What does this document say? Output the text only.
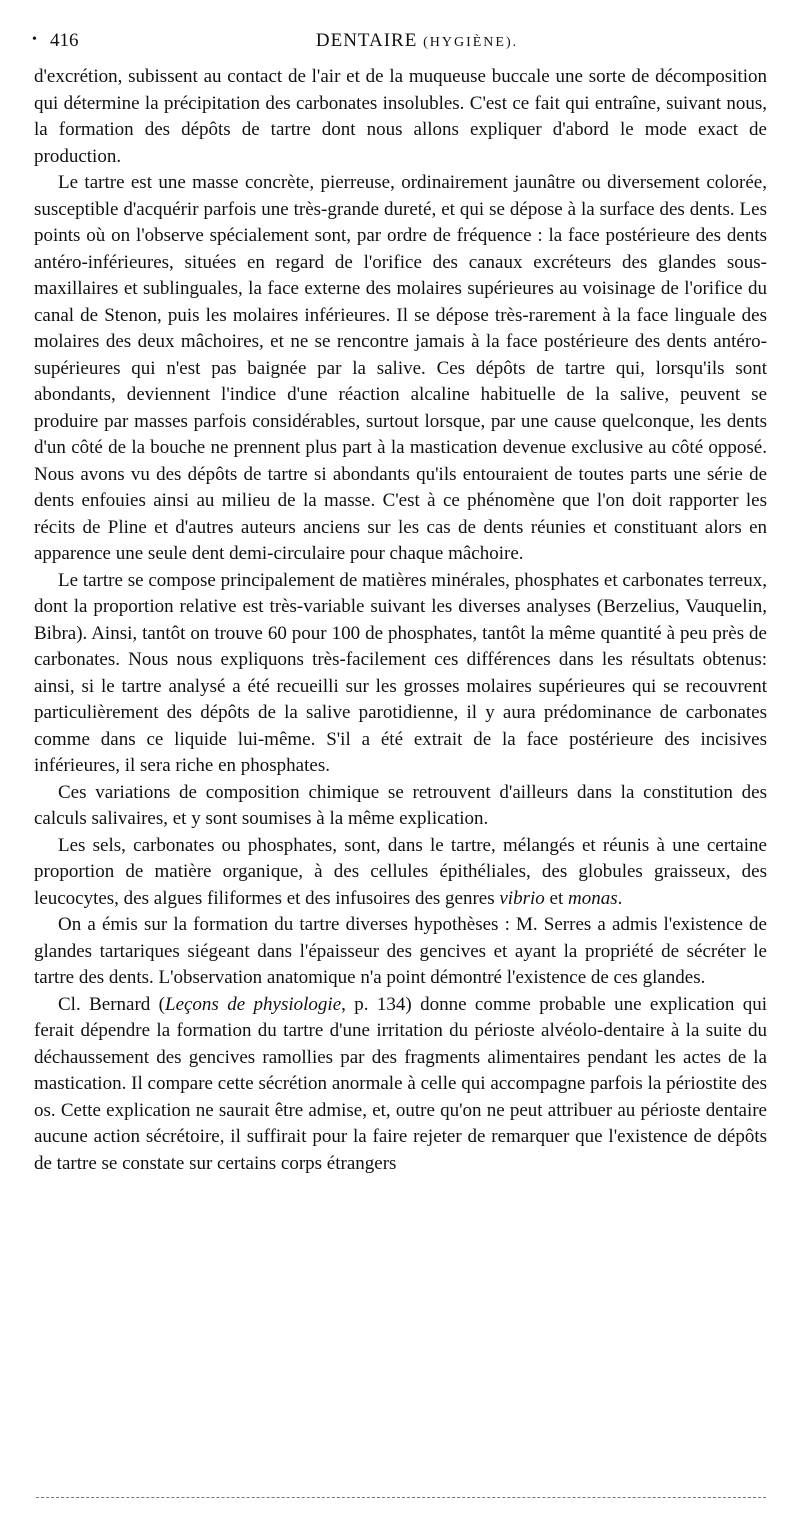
• 416	DENTAIRE (HYGIÈNE).

d'excrétion, subissent au contact de l'air et de la muqueuse buccale une sorte de décomposition qui détermine la précipitation des carbonates insolubles. C'est ce fait qui entraîne, suivant nous, la formation des dépôts de tartre dont nous allons expliquer d'abord le mode exact de production.

Le tartre est une masse concrète, pierreuse, ordinairement jaunâtre ou diversement colorée, susceptible d'acquérir parfois une très-grande dureté, et qui se dépose à la surface des dents. Les points où on l'observe spécialement sont, par ordre de fréquence : la face postérieure des dents antéro-inférieures, situées en regard de l'orifice des canaux excréteurs des glandes sous-maxillaires et sublinguales, la face externe des molaires supérieures au voisinage de l'orifice du canal de Stenon, puis les molaires inférieures. Il se dépose très-rarement à la face linguale des molaires des deux mâchoires, et ne se rencontre jamais à la face postérieure des dents antéro-supérieures qui n'est pas baignée par la salive. Ces dépôts de tartre qui, lorsqu'ils sont abondants, deviennent l'indice d'une réaction alcaline habituelle de la salive, peuvent se produire par masses parfois considérables, surtout lorsque, par une cause quelconque, les dents d'un côté de la bouche ne prennent plus part à la mastication devenue exclusive au côté opposé. Nous avons vu des dépôts de tartre si abondants qu'ils entouraient de toutes parts une série de dents enfouies ainsi au milieu de la masse. C'est à ce phénomène que l'on doit rapporter les récits de Pline et d'autres auteurs anciens sur les cas de dents réunies et constituant alors en apparence une seule dent demi-circulaire pour chaque mâchoire.

Le tartre se compose principalement de matières minérales, phosphates et carbonates terreux, dont la proportion relative est très-variable suivant les diverses analyses (Berzelius, Vauquelin, Bibra). Ainsi, tantôt on trouve 60 pour 100 de phosphates, tantôt la même quantité à peu près de carbonates. Nous nous expliquons très-facilement ces différences dans les résultats obtenus: ainsi, si le tartre analysé a été recueilli sur les grosses molaires supérieures qui se recouvrent particulièrement des dépôts de la salive parotidienne, il y aura prédominance de carbonates comme dans ce liquide lui-même. S'il a été extrait de la face postérieure des incisives inférieures, il sera riche en phosphates.

Ces variations de composition chimique se retrouvent d'ailleurs dans la constitution des calculs salivaires, et y sont soumises à la même explication.

Les sels, carbonates ou phosphates, sont, dans le tartre, mélangés et réunis à une certaine proportion de matière organique, à des cellules épithéliales, des globules graisseux, des leucocytes, des algues filiformes et des infusoires des genres vibrio et monas.

On a émis sur la formation du tartre diverses hypothèses : M. Serres a admis l'existence de glandes tartariques siégeant dans l'épaisseur des gencives et ayant la propriété de sécréter le tartre des dents. L'observation anatomique n'a point démontré l'existence de ces glandes.

Cl. Bernard (Leçons de physiologie, p. 134) donne comme probable une explication qui ferait dépendre la formation du tartre d'une irritation du périoste alvéolo-dentaire à la suite du déchaussement des gencives ramollies par des fragments alimentaires pendant les actes de la mastication. Il compare cette sécrétion anormale à celle qui accompagne parfois la périostite des os. Cette explication ne saurait être admise, et, outre qu'on ne peut attribuer au périoste dentaire aucune action sécrétoire, il suffirait pour la faire rejeter de remarquer que l'existence de dépôts de tartre se constate sur certains corps étrangers
